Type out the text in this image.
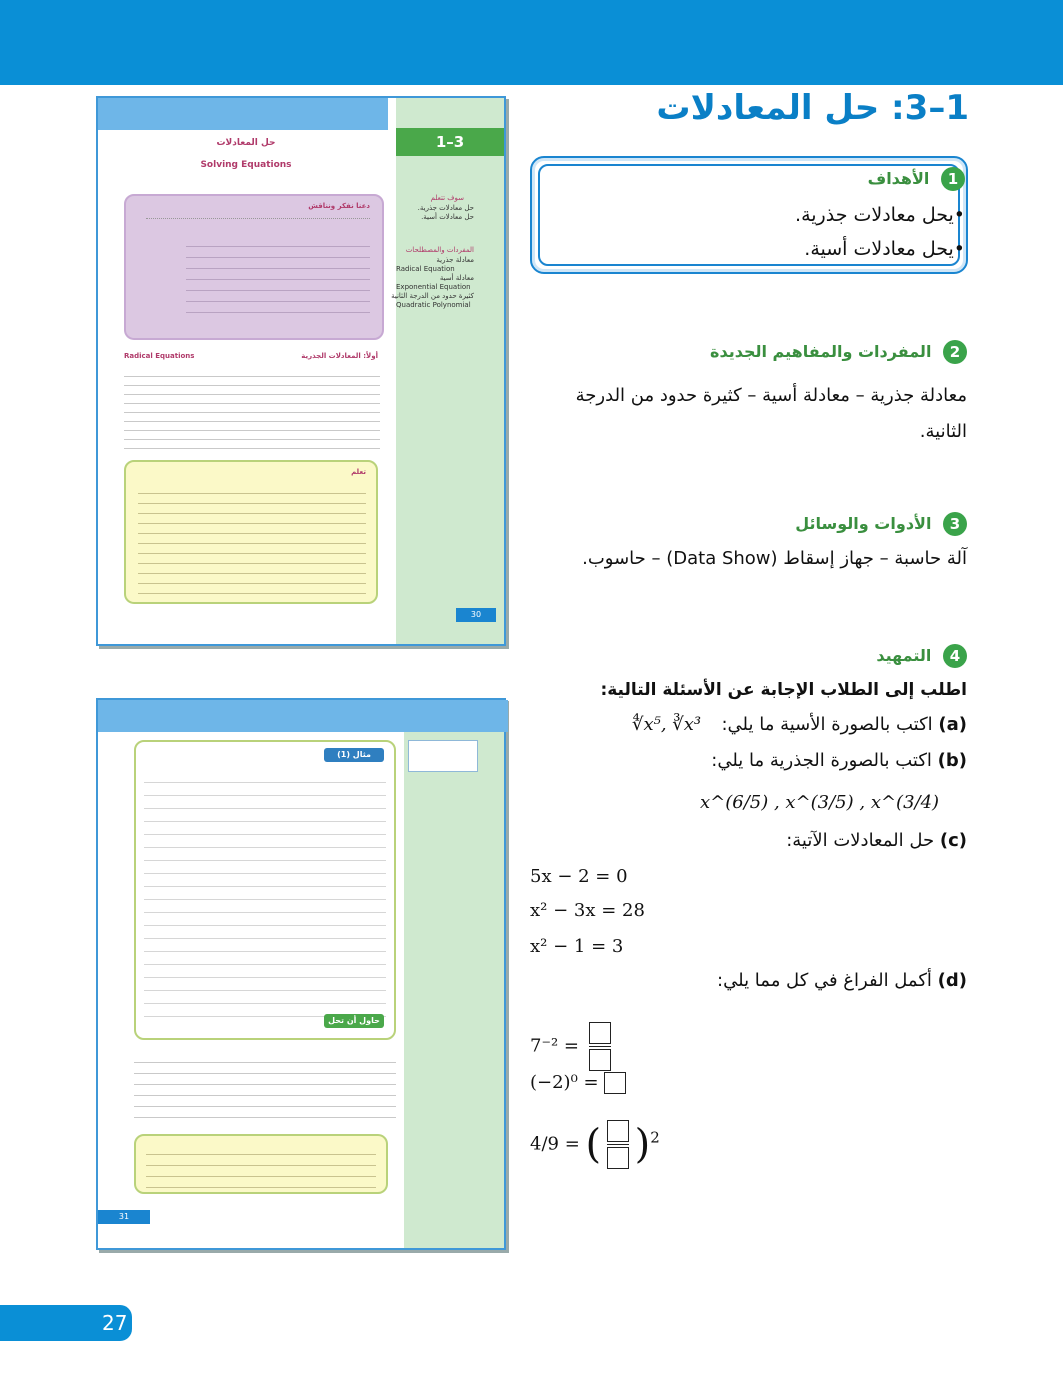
1–3: حل المعادلات
1 الأهداف
•يحل معادلات جذرية.
•يحل معادلات أسية.
2 المفردات والمفاهيم الجديدة
معادلة جذرية – معادلة أسية – كثيرة حدود من الدرجة الثانية.
3 الأدوات والوسائل
آلة حاسبة – جهاز إسقاط (Data Show) – حاسوب.
4 التمهيد
اطلب إلى الطلاب الإجابة عن الأسئلة التالية:
(a) اكتب بالصورة الأسية ما يلي:
∜x⁵, ∛x³
(b) اكتب بالصورة الجذرية ما يلي:
x^(6/5) , x^(3/5) , x^(3/4)
(c) حل المعادلات الآتية:
5x − 2 = 0
x² − 3x = 28
x² − 1 = 3
(d) أكمل الفراغ في كل مما يلي:
7⁻² =
(−2)⁰ =
4/9 = ( )$^2$
1–3
حل المعادلات
Solving Equations
دعنا نفكر ونناقش
أولاً: المعادلات الجذرية
Radical Equations
تعلم
سوف تتعلم
حل معادلات جذرية.
حل معادلات أسية.
المفردات والمصطلحات
معادلة جذرية
Radical Equation
معادلة أسية
Exponential Equation
كثيرة حدود من الدرجة الثانية
Quadratic Polynomial
30
مثال (1)
حاول أن تحل
31
27
